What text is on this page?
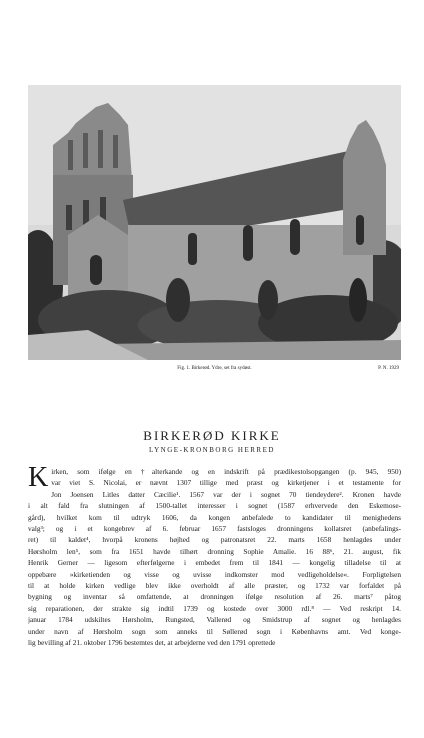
Fig. 1. Birkerød. Ydre, set fra sydøst.	P. N. 1929
BIRKERØD KIRKE
LYNGE-KRONBORG HERRED
K irken, som ifølge en †alterkande og en indskrift på prædikestolsopgangen (p. 945, 950)
var viet S. Nicolai, er nævnt 1307 tillige med præst og kirketjener i et testamente for
Jon Joensen Litles datter Cæcilie¹. 1567 var der i sognet 70 tiendeydere². Kronen havde
i alt fald fra slutningen af 1500-tallet interesser i sognet (1587 erhvervede den Eskemose-
gård), hvilket kom til udtryk 1606, da kongen anbefalede to kandidater til menighedens
valg³; og i et kongebrev af 6. februar 1657 fastsloges dronningens kollatsret (anbefalings-
ret) til kaldet⁴, hvorpå kronens højhed og patronatsret 22. marts 1658 henlagdes under
Hørsholm len⁵, som fra 1651 havde tilhørt dronning Sophie Amalie. 16 88⁶, 21. august, fik
Henrik Gerner — ligesom efterfølgerne i embedet frem til 1841 — kongelig tilladelse til at
oppebære »kirketienden og visse og uvisse indkomster mod vedligeholdelse«. Forpligtelsen
til at holde kirken vedlige blev ikke overholdt af alle præster, og 1732 var forfaldet på
bygning og inventar så omfattende, at dronningen ifølge resolution af 26. marts⁷ påtog
sig reparationen, der strakte sig indtil 1739 og kostede over 3000 rdl.⁸ — Ved reskript 14.
januar 1784 udskiltes Hørsholm, Rungsted, Vallerød og Smidstrup af sognet og henlagdes
under navn af Hørsholm sogn som anneks til Søllerød sogn i Københavns amt. Ved konge-
lig bevilling af 21. oktober 1796 bestemtes det, at arbejderne ved den 1791 oprettede
